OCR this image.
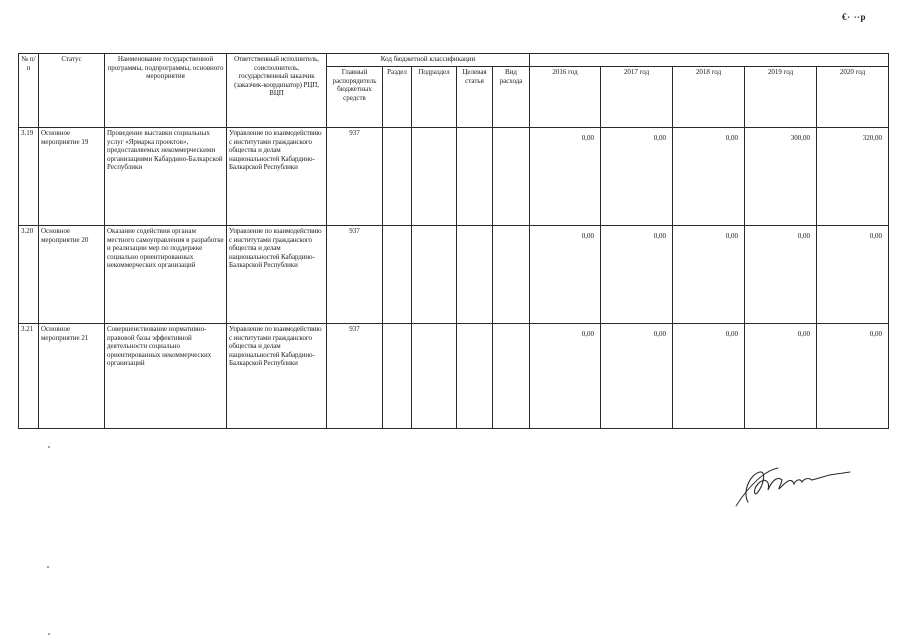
€∙ ∙∙р
№ п/п	Статус	Наименование государственной программы, подпрограммы, основного мероприятия	Ответственный исполнитель, соисполнитель, государственный заказчик (заказчик-координатор) РЦП, ВЦП	Код бюджетной классификации									
				Главный распорядитель бюджетных средств	Раздел	Подраздел	Целевая статья	Вид расхода	2016 год	2017 год	2018 год	2019 год	2020 год
3.19	Основное мероприятие 19	Проведение выставки социальных услуг «Ярмарка проектов», предоставляемых некоммерческими организациями Кабардино-Балкарской Республики	Управление по взаимодействию с институтами гражданского общества и делам национальностей Кабардино-Балкарской Республики	937					0,00	0,00	0,00	300,00	320,00
3.20	Основное мероприятие 20	Оказание содействия органам местного самоуправления в разработке и реализации мер по поддержке социально ориентированных некоммерческих организаций	Управление по взаимодействию с институтами гражданского общества и делам национальностей Кабардино-Балкарской Республики	937					0,00	0,00	0,00	0,00	0,00
3.21	Основное мероприятие 21	Совершенствование нормативно-правовой базы эффективной деятельности социально ориентированных некоммерческих организаций	Управление по взаимодействию с институтами гражданского общества и делам национальностей Кабардино-Балкарской Республики	937					0,00	0,00	0,00	0,00	0,00
